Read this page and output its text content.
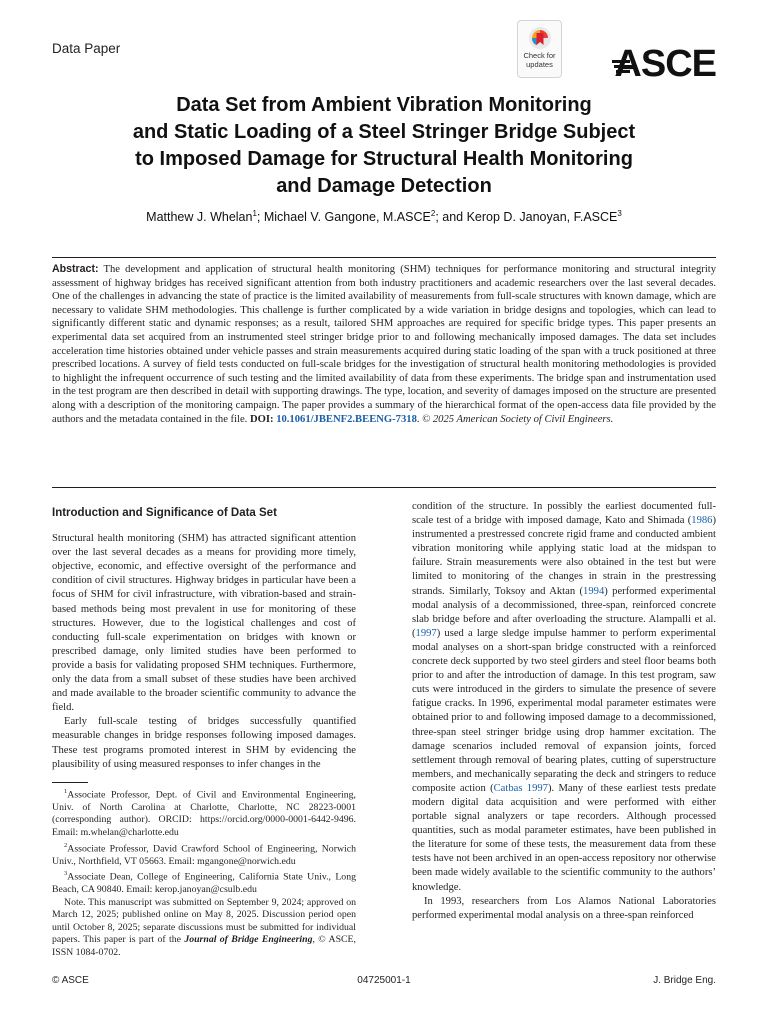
Data Paper	Check for
updates ASCE
Data Set from Ambient Vibration Monitoring
and Static Loading of a Steel Stringer Bridge Subject
to Imposed Damage for Structural Health Monitoring
and Damage Detection
Matthew J. Whelan$^1$; Michael V. Gangone, M.ASCE$^2$; and Kerop D. Janoyan, F.ASCE$^3$
Abstract: The development and application of structural health monitoring (SHM) techniques for performance monitoring and structural integrity assessment of highway bridges has received significant attention from both industry practitioners and academic researchers over the last several decades. One of the challenges in advancing the state of practice is the limited availability of measurements from full-scale structures with known damage, which are necessary to validate SHM methodologies. This challenge is further complicated by a wide variation in bridge designs and topologies, which can lead to significantly different static and dynamic responses; as a result, tailored SHM approaches are required for specific bridge types. This paper presents an experimental data set acquired from an instrumented steel stringer bridge prior to and following mechanically imposed damages. The data set includes acceleration time histories obtained under vehicle passes and strain measurements acquired during static loading of the span with a truck positioned at three prescribed locations. A survey of field tests conducted on full-scale bridges for the investigation of structural health monitoring methodologies is provided to highlight the infrequent occurrence of such testing and the limited availability of data from these experiments. The bridge span and instrumentation used in the test program are then described in detail with supporting drawings. The type, location, and severity of damages imposed on the structure are presented along with a description of the monitoring campaign. The paper provides a summary of the hierarchical format of the open-access data file provided by the authors and the metadata contained in the file. DOI: 10.1061/JBENF2.BEENG-7318. © 2025 American Society of Civil Engineers.
Introduction and Significance of Data Set

Structural health monitoring (SHM) has attracted significant attention over the last several decades as a means for providing more timely, objective, economic, and effective oversight of the performance and condition of civil structures. Highway bridges in particular have been a focus of SHM for civil infrastructure, with vibration-based and strain-based methods being most prevalent in use for monitoring of these structures. However, due to the logistical challenges and cost of conducting full-scale experimentation on bridges with known or prescribed damage, only limited studies have been performed to provide a basis for validating proposed SHM techniques. Furthermore, only the data from a small subset of these studies have been archived and made available to the broader scientific community to advance the field.

Early full-scale testing of bridges successfully quantified measurable changes in bridge responses following imposed damages. These test programs promoted interest in SHM by evidencing the plausibility of using measured responses to infer changes in the

$^1$Associate Professor, Dept. of Civil and Environmental Engineering, Univ. of North Carolina at Charlotte, Charlotte, NC 28223-0001 (corresponding author). ORCID: https://orcid.org/0000-0001-6442-9496. Email: m.whelan@charlotte.edu

$^2$Associate Professor, David Crawford School of Engineering, Norwich Univ., Northfield, VT 05663. Email: mgangone@norwich.edu

$^3$Associate Dean, College of Engineering, California State Univ., Long Beach, CA 90840. Email: kerop.janoyan@csulb.edu

Note. This manuscript was submitted on September 9, 2024; approved on March 12, 2025; published online on May 8, 2025. Discussion period open until October 8, 2025; separate discussions must be submitted for individual papers. This paper is part of the Journal of Bridge Engineering, © ASCE, ISSN 1084-0702.

condition of the structure. In possibly the earliest documented full-scale test of a bridge with imposed damage, Kato and Shimada (1986) instrumented a prestressed concrete rigid frame and conducted ambient vibration monitoring while applying static load at the midspan to failure. Strain measurements were also obtained in the test but were limited to monitoring of the changes in strain in the prestressing strands. Similarly, Toksoy and Aktan (1994) performed experimental modal analysis of a decommissioned, three-span, reinforced concrete slab bridge before and after overloading the structure. Alampalli et al. (1997) used a large sledge impulse hammer to perform experimental modal analyses on a short-span bridge constructed with a reinforced concrete deck supported by two steel girders and steel floor beams both prior to and after the introduction of damage. In this test program, saw cuts were introduced in the girders to simulate the presence of severe fatigue cracks. In 1996, experimental modal parameter estimates were obtained prior to and following imposed damage to a decommissioned, three-span steel stringer bridge using drop hammer excitation. The damage scenarios included removal of expansion joints, forced settlement through removal of bearing plates, cutting of superstructure members, and mechanically separating the deck and stringers to reduce composite action (Catbas 1997). Many of these earliest tests predate modern digital data acquisition and were performed with either portable signal analyzers or tape recorders. Although processed quantities, such as modal parameter estimates, have been published in the literature for some of these tests, the measurement data from these tests have not been archived in an open-access repository nor otherwise been made widely available to the scientific community to the authors’ knowledge.

In 1993, researchers from Los Alamos National Laboratories performed experimental modal analysis on a three-span reinforced

© ASCE	04725001-1	J. Bridge Eng.
